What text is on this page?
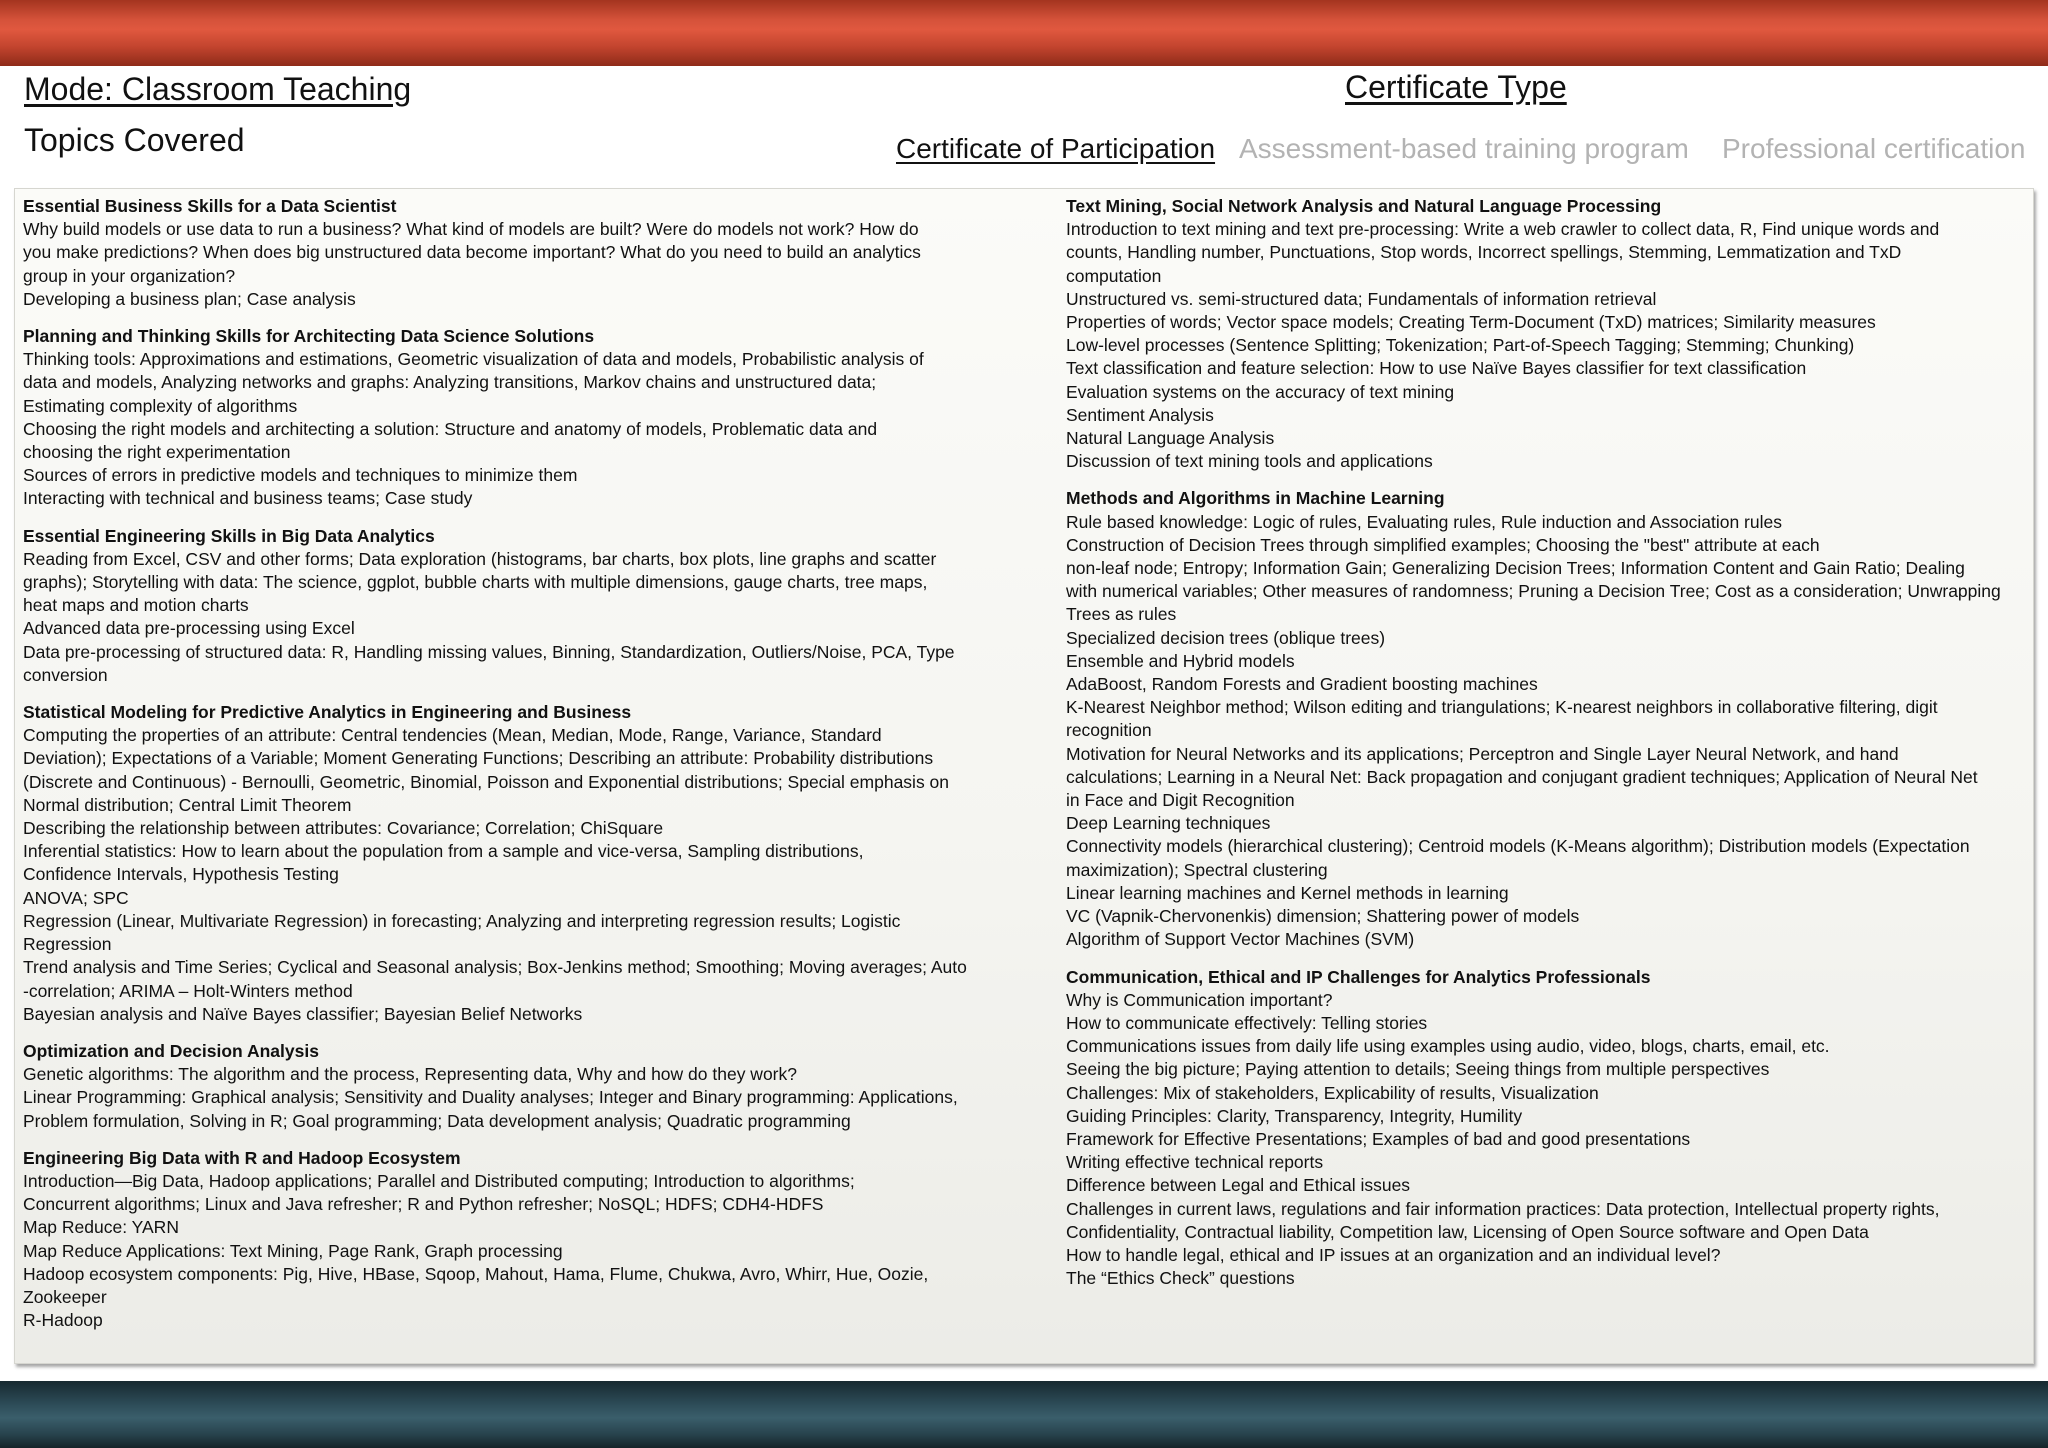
Mode: Classroom Teaching
Topics Covered
Certificate Type
Certificate of Participation Assessment-based training program Professional certification

Essential Business Skills for a Data Scientist

Why build models or use data to run a business? What kind of models are built? Were do models not work? How do

you make predictions? When does big unstructured data become important? What do you need to build an analytics

group in your organization?

Developing a business plan; Case analysis

Planning and Thinking Skills for Architecting Data Science Solutions

Thinking tools: Approximations and estimations, Geometric visualization of data and models, Probabilistic analysis of

data and models, Analyzing networks and graphs: Analyzing transitions, Markov chains and unstructured data;

Estimating complexity of algorithms

Choosing the right models and architecting a solution: Structure and anatomy of models, Problematic data and

choosing the right experimentation

Sources of errors in predictive models and techniques to minimize them

Interacting with technical and business teams; Case study

Essential Engineering Skills in Big Data Analytics

Reading from Excel, CSV and other forms; Data exploration (histograms, bar charts, box plots, line graphs and scatter

graphs); Storytelling with data: The science, ggplot, bubble charts with multiple dimensions, gauge charts, tree maps,

heat maps and motion charts

Advanced data pre-processing using Excel

Data pre-processing of structured data: R, Handling missing values, Binning, Standardization, Outliers/Noise, PCA, Type

conversion

Statistical Modeling for Predictive Analytics in Engineering and Business

Computing the properties of an attribute: Central tendencies (Mean, Median, Mode, Range, Variance, Standard

Deviation); Expectations of a Variable; Moment Generating Functions; Describing an attribute: Probability distributions

(Discrete and Continuous) - Bernoulli, Geometric, Binomial, Poisson and Exponential distributions; Special emphasis on

Normal distribution; Central Limit Theorem

Describing the relationship between attributes: Covariance; Correlation; ChiSquare

Inferential statistics: How to learn about the population from a sample and vice-versa, Sampling distributions,

Confidence Intervals, Hypothesis Testing

ANOVA; SPC

Regression (Linear, Multivariate Regression) in forecasting; Analyzing and interpreting regression results; Logistic

Regression

Trend analysis and Time Series; Cyclical and Seasonal analysis; Box-Jenkins method; Smoothing; Moving averages; Auto

-correlation; ARIMA – Holt-Winters method

Bayesian analysis and Naïve Bayes classifier; Bayesian Belief Networks

Optimization and Decision Analysis

Genetic algorithms: The algorithm and the process, Representing data, Why and how do they work?

Linear Programming: Graphical analysis; Sensitivity and Duality analyses; Integer and Binary programming: Applications,

Problem formulation, Solving in R; Goal programming; Data development analysis; Quadratic programming

Engineering Big Data with R and Hadoop Ecosystem

Introduction—Big Data, Hadoop applications; Parallel and Distributed computing; Introduction to algorithms;

Concurrent algorithms; Linux and Java refresher; R and Python refresher; NoSQL; HDFS; CDH4-HDFS

Map Reduce: YARN

Map Reduce Applications: Text Mining, Page Rank, Graph processing

Hadoop ecosystem components: Pig, Hive, HBase, Sqoop, Mahout, Hama, Flume, Chukwa, Avro, Whirr, Hue, Oozie,

Zookeeper

R-Hadoop

Text Mining, Social Network Analysis and Natural Language Processing

Introduction to text mining and text pre-processing: Write a web crawler to collect data, R, Find unique words and

counts, Handling number, Punctuations, Stop words, Incorrect spellings, Stemming, Lemmatization and TxD

computation

Unstructured vs. semi-structured data; Fundamentals of information retrieval

Properties of words; Vector space models; Creating Term-Document (TxD) matrices; Similarity measures

Low-level processes (Sentence Splitting; Tokenization; Part-of-Speech Tagging; Stemming; Chunking)

Text classification and feature selection: How to use Naïve Bayes classifier for text classification

Evaluation systems on the accuracy of text mining

Sentiment Analysis

Natural Language Analysis

Discussion of text mining tools and applications

Methods and Algorithms in Machine Learning

Rule based knowledge: Logic of rules, Evaluating rules, Rule induction and Association rules

Construction of Decision Trees through simplified examples; Choosing the "best" attribute at each

non-leaf node; Entropy; Information Gain; Generalizing Decision Trees; Information Content and Gain Ratio; Dealing

with numerical variables; Other measures of randomness; Pruning a Decision Tree; Cost as a consideration; Unwrapping

Trees as rules

Specialized decision trees (oblique trees)

Ensemble and Hybrid models

AdaBoost, Random Forests and Gradient boosting machines

K-Nearest Neighbor method; Wilson editing and triangulations; K-nearest neighbors in collaborative filtering, digit

recognition

Motivation for Neural Networks and its applications; Perceptron and Single Layer Neural Network, and hand

calculations; Learning in a Neural Net: Back propagation and conjugant gradient techniques; Application of Neural Net

in Face and Digit Recognition

Deep Learning techniques

Connectivity models (hierarchical clustering); Centroid models (K-Means algorithm); Distribution models (Expectation

maximization); Spectral clustering

Linear learning machines and Kernel methods in learning

VC (Vapnik-Chervonenkis) dimension; Shattering power of models

Algorithm of Support Vector Machines (SVM)

Communication, Ethical and IP Challenges for Analytics Professionals

Why is Communication important?

How to communicate effectively: Telling stories

Communications issues from daily life using examples using audio, video, blogs, charts, email, etc.

Seeing the big picture; Paying attention to details; Seeing things from multiple perspectives

Challenges: Mix of stakeholders, Explicability of results, Visualization

Guiding Principles: Clarity, Transparency, Integrity, Humility

Framework for Effective Presentations; Examples of bad and good presentations

Writing effective technical reports

Difference between Legal and Ethical issues

Challenges in current laws, regulations and fair information practices: Data protection, Intellectual property rights,

Confidentiality, Contractual liability, Competition law, Licensing of Open Source software and Open Data

How to handle legal, ethical and IP issues at an organization and an individual level?

The “Ethics Check” questions
